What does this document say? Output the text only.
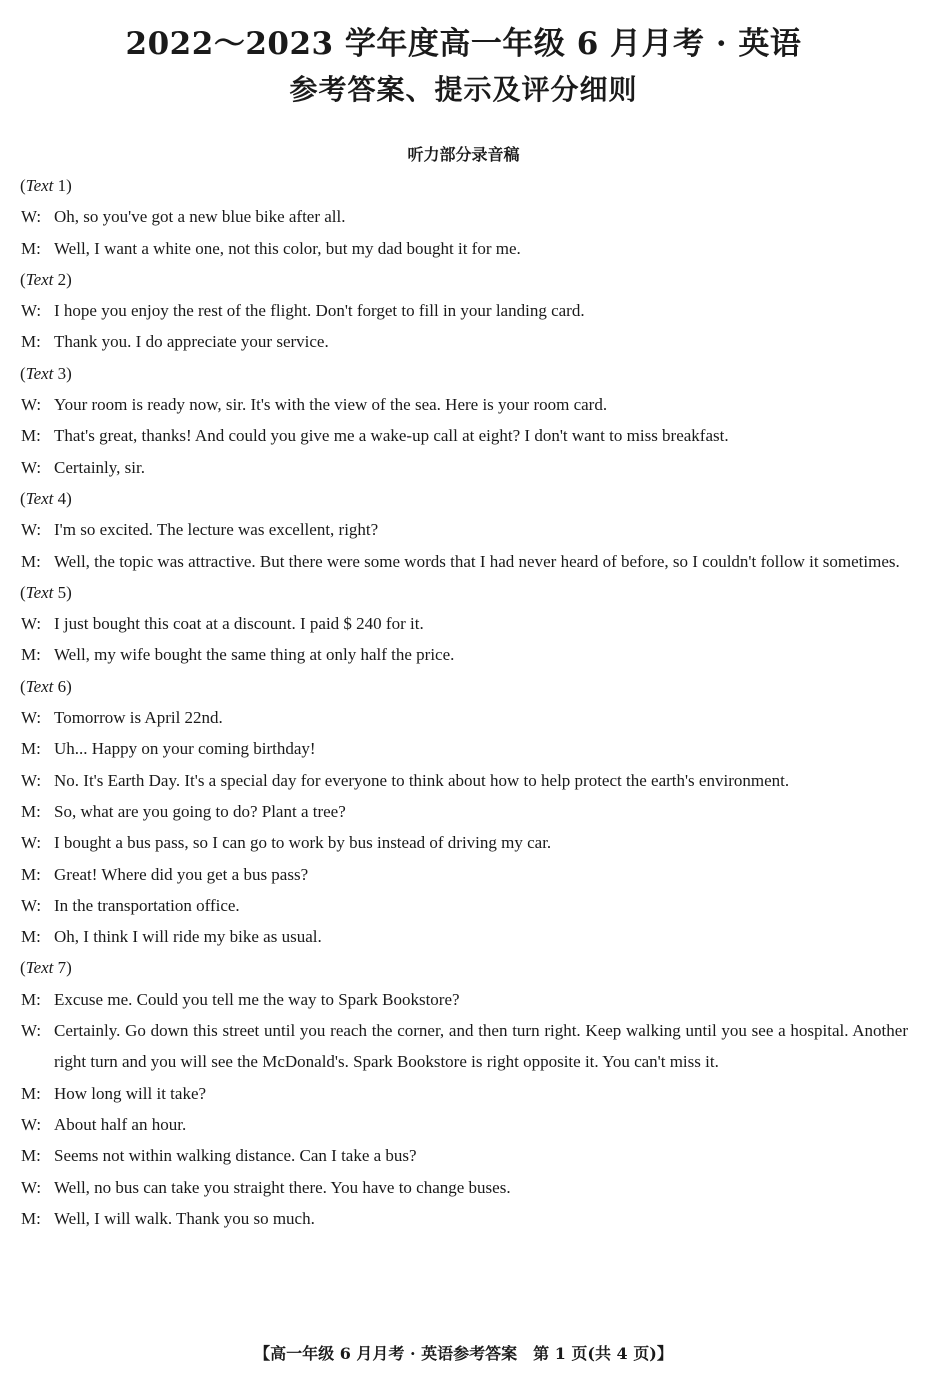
2022～2023 学年度高一年级 6 月月考 · 英语
参考答案、提示及评分细则
听力部分录音稿
(Text 1)
W: Oh, so you've got a new blue bike after all.
M: Well, I want a white one, not this color, but my dad bought it for me.
(Text 2)
W: I hope you enjoy the rest of the flight. Don't forget to fill in your landing card.
M: Thank you. I do appreciate your service.
(Text 3)
W: Your room is ready now, sir. It's with the view of the sea. Here is your room card.
M: That's great, thanks! And could you give me a wake-up call at eight? I don't want to miss breakfast.
W: Certainly, sir.
(Text 4)
W: I'm so excited. The lecture was excellent, right?
M: Well, the topic was attractive. But there were some words that I had never heard of before, so I couldn't follow it sometimes.
(Text 5)
W: I just bought this coat at a discount. I paid $ 240 for it.
M: Well, my wife bought the same thing at only half the price.
(Text 6)
W: Tomorrow is April 22nd.
M: Uh... Happy on your coming birthday!
W: No. It's Earth Day. It's a special day for everyone to think about how to help protect the earth's environment.
M: So, what are you going to do? Plant a tree?
W: I bought a bus pass, so I can go to work by bus instead of driving my car.
M: Great! Where did you get a bus pass?
W: In the transportation office.
M: Oh, I think I will ride my bike as usual.
(Text 7)
M: Excuse me. Could you tell me the way to Spark Bookstore?
W: Certainly. Go down this street until you reach the corner, and then turn right. Keep walking until you see a hospital. Another right turn and you will see the McDonald's. Spark Bookstore is right opposite it. You can't miss it.
M: How long will it take?
W: About half an hour.
M: Seems not within walking distance. Can I take a bus?
W: Well, no bus can take you straight there. You have to change buses.
M: Well, I will walk. Thank you so much.
【高一年级 6 月月考 · 英语参考答案　第 1 页(共 4 页)】
